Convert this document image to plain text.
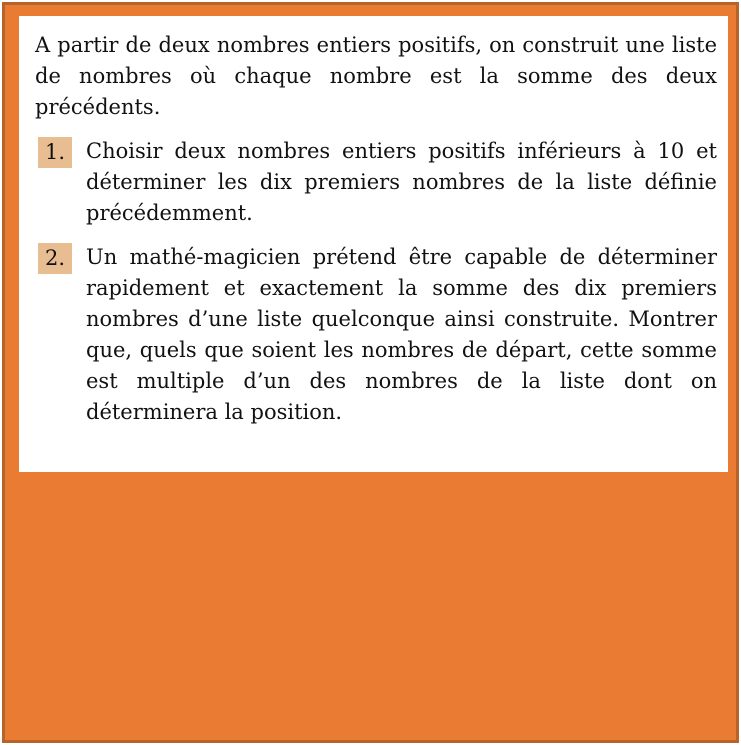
A partir de deux nombres entiers positifs, on construit une liste de nombres où chaque nombre est la somme des deux précédents.

1. Choisir deux nombres entiers positifs inférieurs à 10 et déterminer les dix premiers nombres de la liste définie précédemment.
2. Un mathé-magicien prétend être capable de déterminer rapidement et exactement la somme des dix premiers nombres d’une liste quelconque ainsi construite. Montrer que, quels que soient les nombres de départ, cette somme est multiple d’un des nombres de la liste dont on déterminera la position.
